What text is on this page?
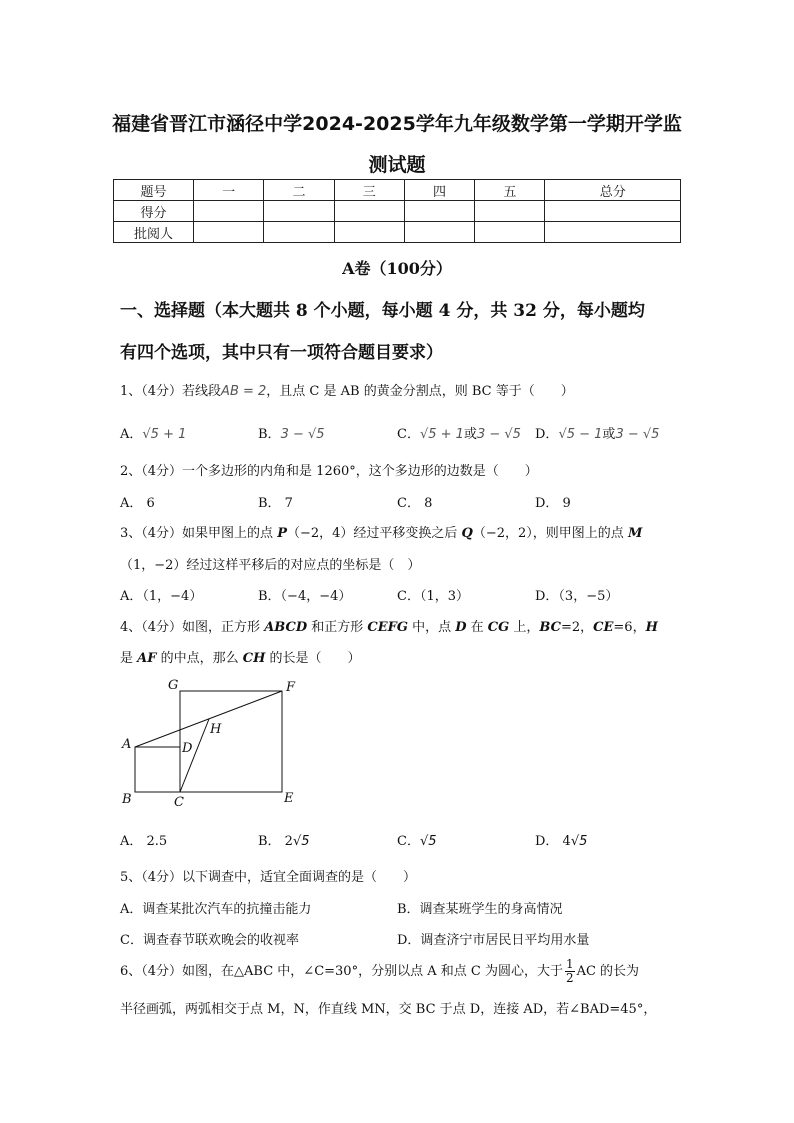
福建省晋江市涵径中学2024-2025学年九年级数学第一学期开学监
测试题
题号	一	二	三	四	五	总分
得分						
批阅人						
A卷（100分）
一、选择题（本大题共 8 个小题，每小题 4 分，共 32 分，每小题均
有四个选项，其中只有一项符合题目要求）
1、（4分）若线段AB = 2，且点 C 是 AB 的黄金分割点，则 BC 等于（　　）
A．√5 + 1	B．3 − √5	C．√5 + 1或3 − √5 D．√5 − 1或3 − √5
2、（4分）一个多边形的内角和是 1260°，这个多边形的边数是（　　）
A． 6	B． 7	C． 8	D． 9
3、（4分）如果甲图上的点 P（−2，4）经过平移变换之后 Q（−2，2），则甲图上的点 M
（1，−2）经过这样平移后的对应点的坐标是（　）
A．（1，−4）	B．（−4，−4）	C．（1，3）	D．（3，−5）
4、（4分）如图，正方形 ABCD 和正方形 CEFG 中，点 D 在 CG 上，BC=2，CE=6，H
是 AF 的中点，那么 CH 的长是（　　）
G	F
H
A	D
B	C	E
A． 2.5	B． 2√5	C．√5	D． 4√5
5、（4分）以下调查中，适宜全面调查的是（　　）
A．调查某批次汽车的抗撞击能力	B．调查某班学生的身高情况
C．调查春节联欢晚会的收视率	D．调查济宁市居民日平均用水量
6、（4分）如图，在△ABC 中，∠C=30°，分别以点 A 和点 C 为圆心，大于 $\frac{1}{2}$ AC 的长为
半径画弧，两弧相交于点 M，N，作直线 MN，交 BC 于点 D，连接 AD，若∠BAD=45°，
